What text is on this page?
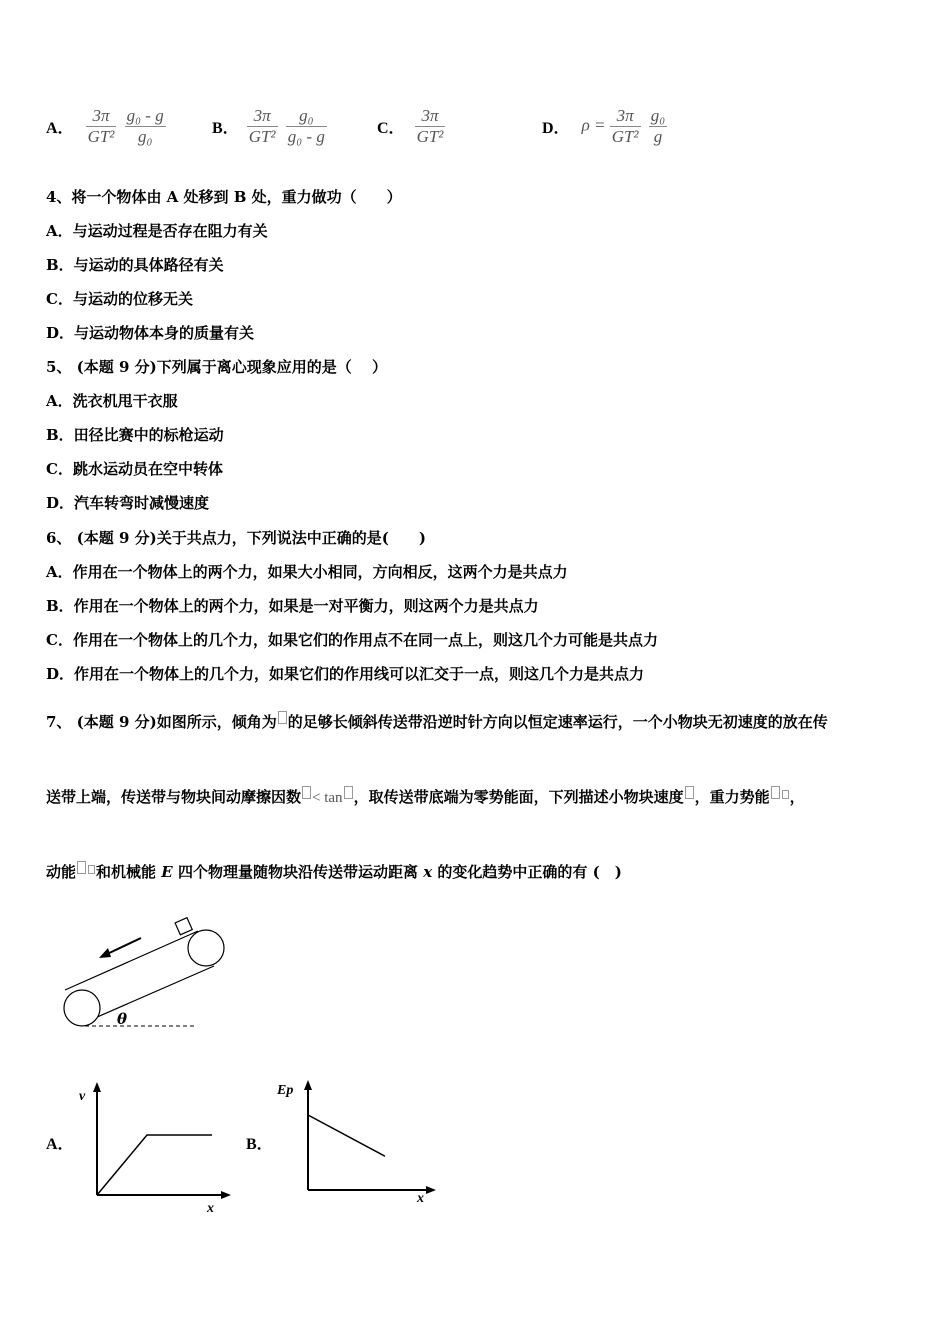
A． $\frac{3\pi}{\text{GT²}}$
$\frac{\text{g₀ - g}}{\text{g₀}}$	B． $\frac{3\pi}{\text{GT²}}$
$\frac{\text{g₀}}{\text{g₀ - g}}$	C． $\frac{3\pi}{\text{GT²}}$	D． $\rho = \frac{3\pi}{\text{GT²}}$
$\frac{\text{g₀}}{g}$
4、将一个物体由 A 处移到 B 处，重力做功（　　）
A．与运动过程是否存在阻力有关
B．与运动的具体路径有关
C．与运动的位移无关
D．与运动物体本身的质量有关
5、 (本题 9 分)下列属于离心现象应用的是（　 ）
A．洗衣机甩干衣服
B．田径比赛中的标枪运动
C．跳水运动员在空中转体
D．汽车转弯时减慢速度
6、 (本题 9 分)关于共点力，下列说法中正确的是(　　)
A．作用在一个物体上的两个力，如果大小相同，方向相反，这两个力是共点力
B．作用在一个物体上的两个力，如果是一对平衡力，则这两个力是共点力
C．作用在一个物体上的几个力，如果它们的作用点不在同一点上，则这几个力可能是共点力
D．作用在一个物体上的几个力，如果它们的作用线可以汇交于一点，则这几个力是共点力
7、 (本题 9 分)如图所示，倾角为 的足够长倾斜传送带沿逆时针方向以恒定速率运行，一个小物块无初速度的放在传
送带上端，传送带与物块间动摩擦因数 < tan ，取传送带底端为零势能面，下列描述小物块速度 ，重力势能 ，
动能 和机械能 E 四个物理量随物块沿传送带运动距离 x 的变化趋势中正确的有 (　)
θ
A．
v
x
B．
Ep
x
